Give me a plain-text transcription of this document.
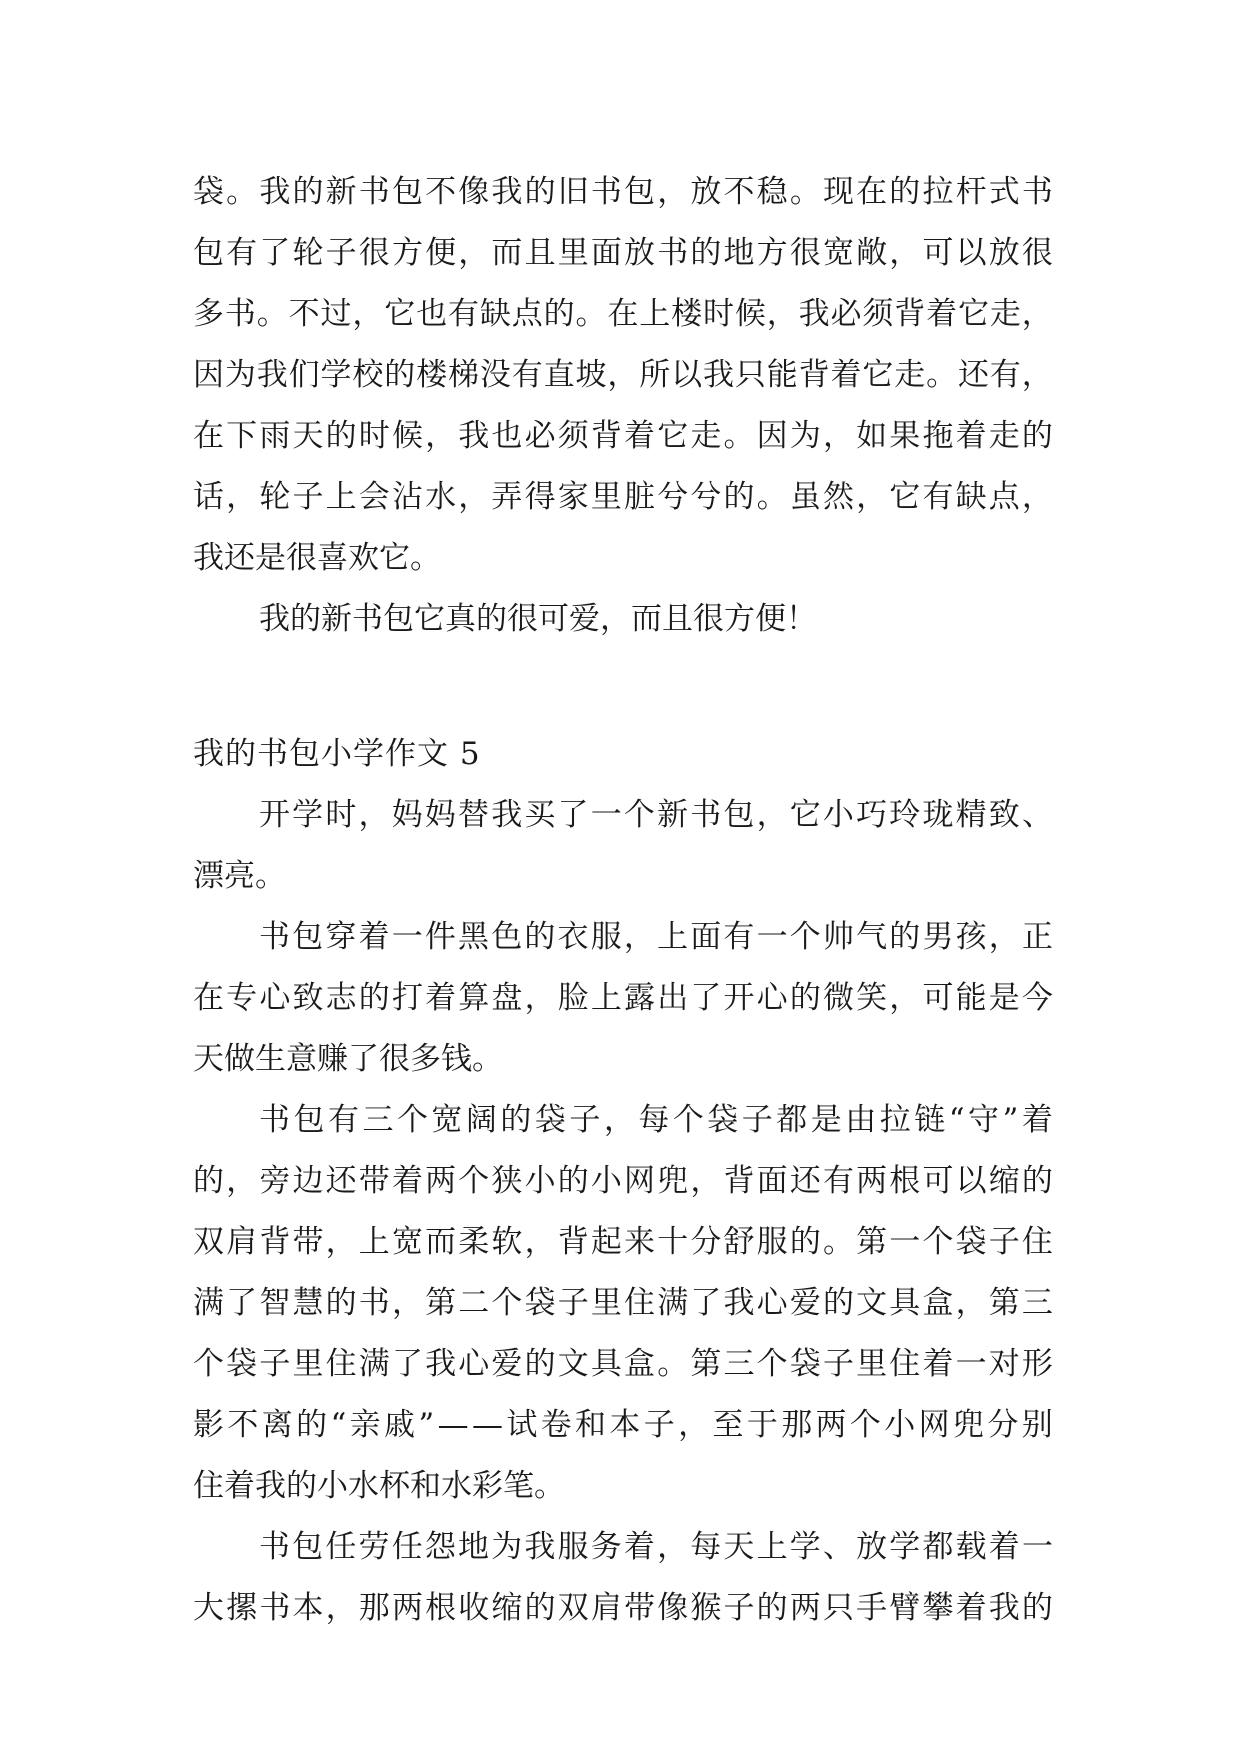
袋 。 我 的 新 书 包 不 像 我 的 旧 书 包 ， 放 不 稳 。 现 在 的 拉 杆 式 书
包 有 了 轮 子 很 方 便 ， 而 且 里 面 放 书 的 地 方 很 宽 敞 ， 可 以 放 很
多 书 。 不 过 ， 它 也 有 缺 点 的 。 在 上 楼 时 候 ， 我 必 须 背 着 它 走 ，
因 为 我 们 学 校 的 楼 梯 没 有 直 坡 ， 所 以 我 只 能 背 着 它 走 。 还 有 ，
在 下 雨 天 的 时 候 ， 我 也 必 须 背 着 它 走 。 因 为 ， 如 果 拖 着 走 的
话 ， 轮 子 上 会 沾 水 ， 弄 得 家 里 脏 兮 兮 的 。 虽 然 ， 它 有 缺 点 ，
我还是很喜欢它。
我的新书包它真的很可爱，而且很方便！
我的书包小学作文 5
开 学 时 ， 妈 妈 替 我 买 了 一 个 新 书 包 ， 它 小 巧 玲 珑 精 致 、
漂亮。
书 包 穿 着 一 件 黑 色 的 衣 服 ， 上 面 有 一 个 帅 气 的 男 孩 ， 正
在 专 心 致 志 的 打 着 算 盘 ， 脸 上 露 出 了 开 心 的 微 笑 ， 可 能 是 今
天做生意赚了很多钱。
书 包 有 三 个 宽 阔 的 袋 子 ， 每 个 袋 子 都 是 由 拉 链 “ 守 ” 着
的 ， 旁 边 还 带 着 两 个 狭 小 的 小 网 兜 ， 背 面 还 有 两 根 可 以 缩 的
双 肩 背 带 ， 上 宽 而 柔 软 ， 背 起 来 十 分 舒 服 的 。 第 一 个 袋 子 住
满 了 智 慧 的 书 ， 第 二 个 袋 子 里 住 满 了 我 心 爱 的 文 具 盒 ， 第 三
个 袋 子 里 住 满 了 我 心 爱 的 文 具 盒 。 第 三 个 袋 子 里 住 着 一 对 形
影 不 离 的 “ 亲 戚 ” — — 试 卷 和 本 子 ， 至 于 那 两 个 小 网 兜 分 别
住着我的小水杯和水彩笔。
书 包 任 劳 任 怨 地 为 我 服 务 着 ， 每 天 上 学 、 放 学 都 载 着 一
大 摞 书 本 ， 那 两 根 收 缩 的 双 肩 带 像 猴 子 的 两 只 手 臂 攀 着 我 的
